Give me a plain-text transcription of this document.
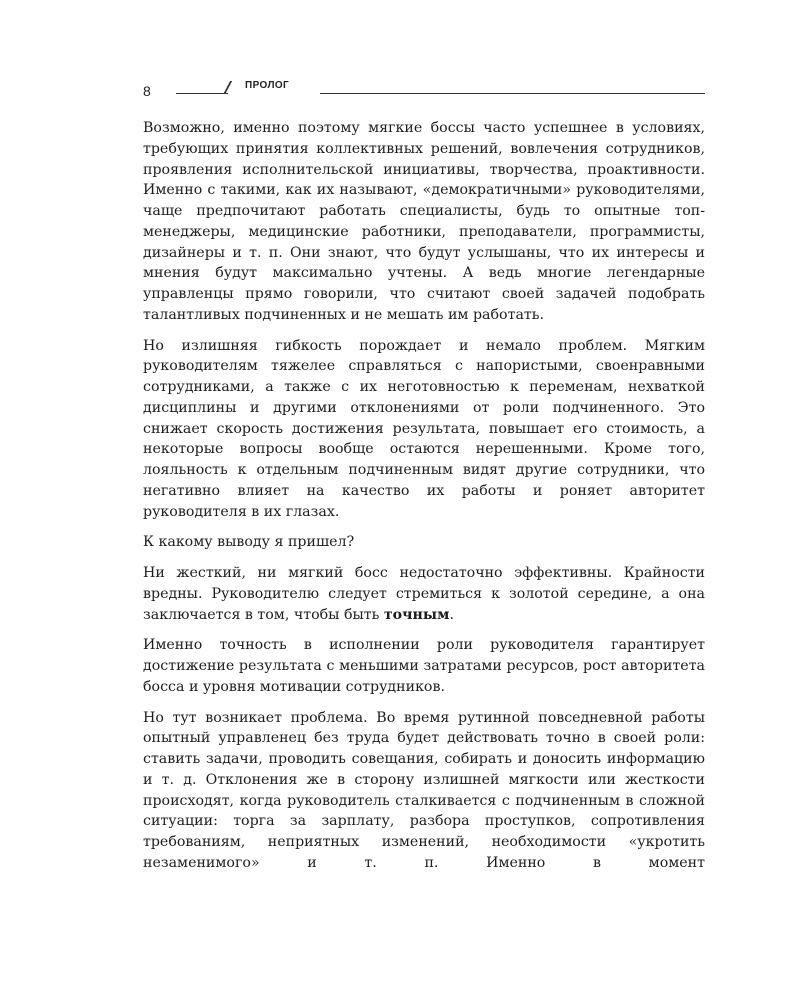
8	ПРОЛОГ

Возможно, именно поэтому мягкие боссы часто успешнее в условиях, требующих принятия коллективных решений, вовлечения сотрудников, проявления исполнительской инициативы, творчества, проактивности. Именно с такими, как их называют, «демократичными» руководителями, чаще предпочитают работать специалисты, будь то опытные топ-менеджеры, медицинские работники, преподаватели, программисты, дизайнеры и т. п. Они знают, что будут услышаны, что их интересы и мнения будут максимально учтены. А ведь многие легендарные управленцы прямо говорили, что считают своей задачей подобрать талантливых подчиненных и не мешать им работать.

Но излишняя гибкость порождает и немало проблем. Мягким руководителям тяжелее справляться с напористыми, своенравными сотрудниками, а также с их неготовностью к переменам, нехваткой дисциплины и другими отклонениями от роли подчиненного. Это снижает скорость достижения результата, повышает его стоимость, а некоторые вопросы вообще остаются нерешенными. Кроме того, лояльность к отдельным подчиненным видят другие сотрудники, что негативно влияет на качество их работы и роняет авторитет руководителя в их глазах.

К какому выводу я пришел?

Ни жесткий, ни мягкий босс недостаточно эффективны. Крайности вредны. Руководителю следует стремиться к золотой середине, а она заключается в том, чтобы быть точным.

Именно точность в исполнении роли руководителя гарантирует достижение результата с меньшими затратами ресурсов, рост авторитета босса и уровня мотивации сотрудников.

Но тут возникает проблема. Во время рутинной повседневной работы опытный управленец без труда будет действовать точно в своей роли: ставить задачи, проводить совещания, собирать и доносить информацию и т. д. Отклонения же в сторону излишней мягкости или жесткости происходят, когда руководитель сталкивается с подчиненным в сложной ситуации: торга за зарплату, разбора проступков, сопротивления требованиям, неприятных изменений, необходимости «укротить незаменимого» и т. п. Именно в момент
